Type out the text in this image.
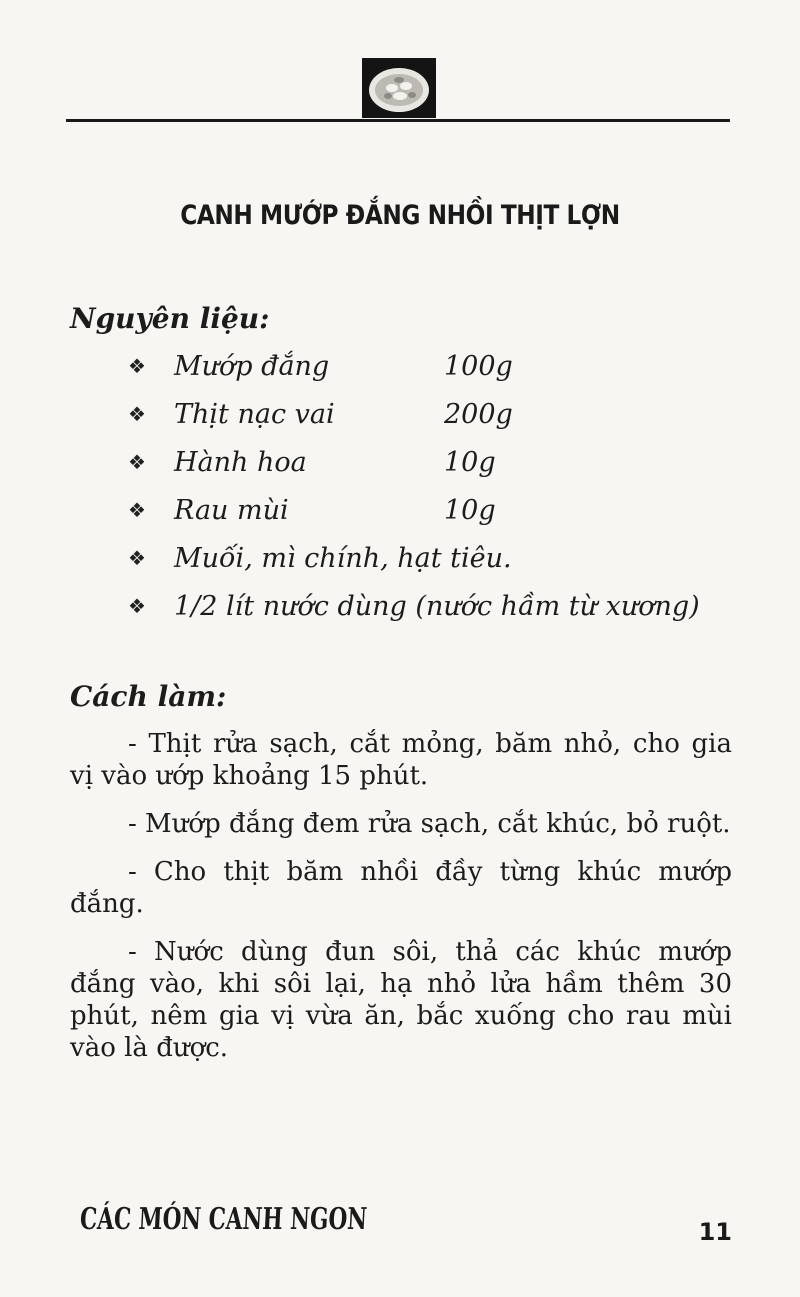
CANH MƯỚP ĐẮNG NHỒI THỊT LỢN
Nguyên liệu:
❖	Mướp đắng	100g
❖	Thịt nạc vai	200g
❖	Hành hoa	10g
❖	Rau mùi	10g
❖	Muối, mì chính, hạt tiêu.
❖	1/2 lít nước dùng (nước hầm từ xương)
Cách làm:

- Thịt rửa sạch, cắt mỏng, băm nhỏ, cho gia vị vào ướp khoảng 15 phút.

- Mướp đắng đem rửa sạch, cắt khúc, bỏ ruột.

- Cho thịt băm nhồi đầy từng khúc mướp đắng.

- Nước dùng đun sôi, thả các khúc mướp đắng vào, khi sôi lại, hạ nhỏ lửa hầm thêm 30 phút, nêm gia vị vừa ăn, bắc xuống cho rau mùi vào là được.

CÁC MÓN CANH NGON	11
